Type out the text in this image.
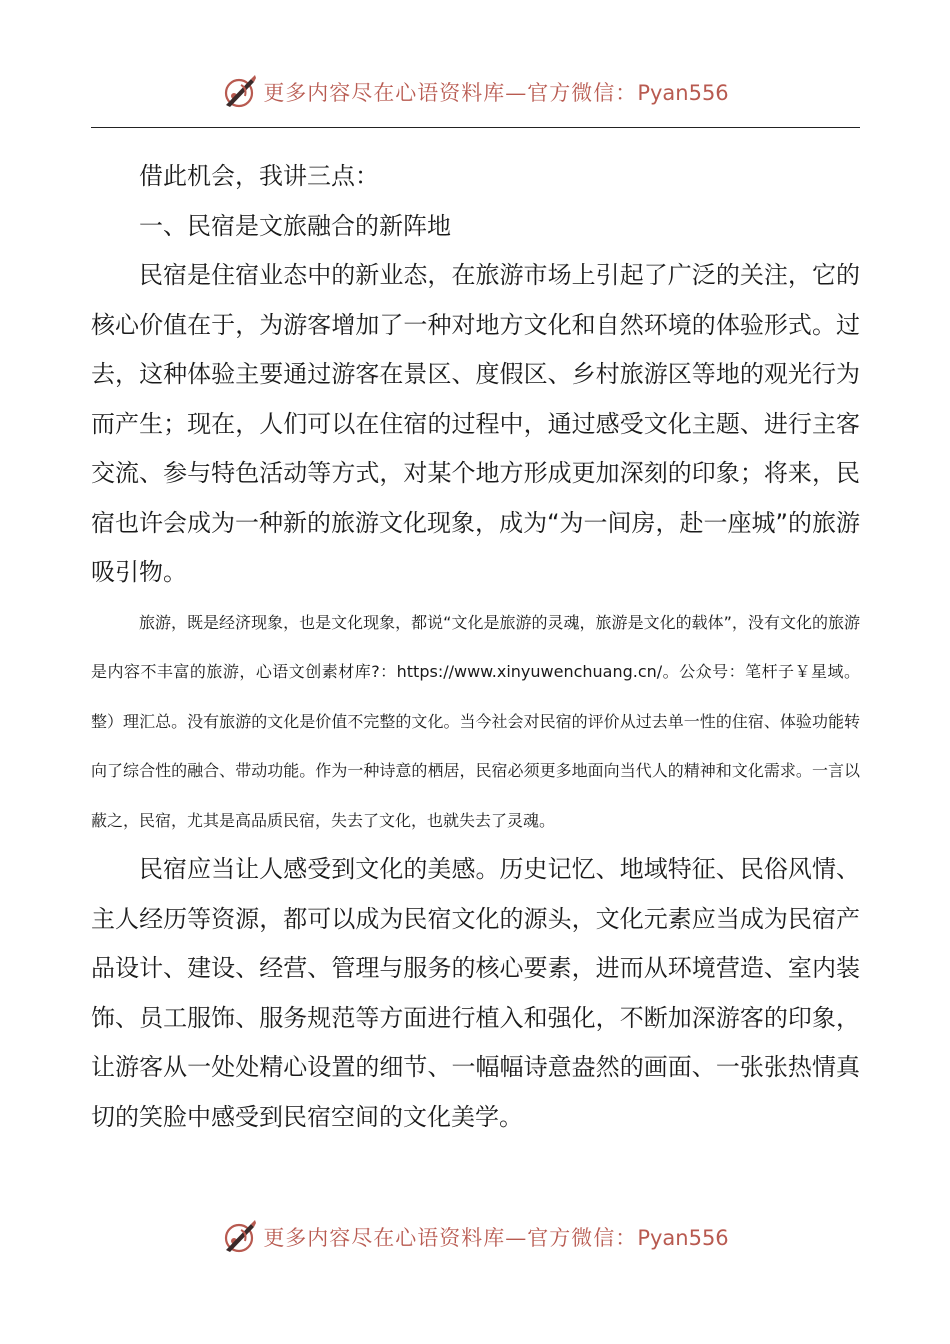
更多内容尽在心语资料库—官方微信：Pyan556

借此机会，我讲三点：

一、民宿是文旅融合的新阵地

民宿是住宿业态中的新业态，在旅游市场上引起了广泛的关注，它的核心价值在于，为游客增加了一种对地方文化和自然环境的体验形式。过去，这种体验主要通过游客在景区、度假区、乡村旅游区等地的观光行为而产生；现在，人们可以在住宿的过程中，通过感受文化主题、进行主客交流、参与特色活动等方式，对某个地方形成更加深刻的印象；将来，民宿也许会成为一种新的旅游文化现象，成为“为一间房，赴一座城”的旅游吸引物。

旅游，既是经济现象，也是文化现象，都说“文化是旅游的灵魂，旅游是文化的载体”，没有文化的旅游是内容不丰富的旅游，心语文创素材库?：https://www.xinyuwenchuang.cn/。公众号：笔杆子￥星域。整）理汇总。没有旅游的文化是价值不完整的文化。当今社会对民宿的评价从过去单一性的住宿、体验功能转向了综合性的融合、带动功能。作为一种诗意的栖居，民宿必须更多地面向当代人的精神和文化需求。一言以蔽之，民宿，尤其是高品质民宿，失去了文化，也就失去了灵魂。

民宿应当让人感受到文化的美感。历史记忆、地域特征、民俗风情、主人经历等资源，都可以成为民宿文化的源头，文化元素应当成为民宿产品设计、建设、经营、管理与服务的核心要素，进而从环境营造、室内装饰、员工服饰、服务规范等方面进行植入和强化，不断加深游客的印象，让游客从一处处精心设置的细节、一幅幅诗意盎然的画面、一张张热情真切的笑脸中感受到民宿空间的文化美学。

更多内容尽在心语资料库—官方微信：Pyan556
